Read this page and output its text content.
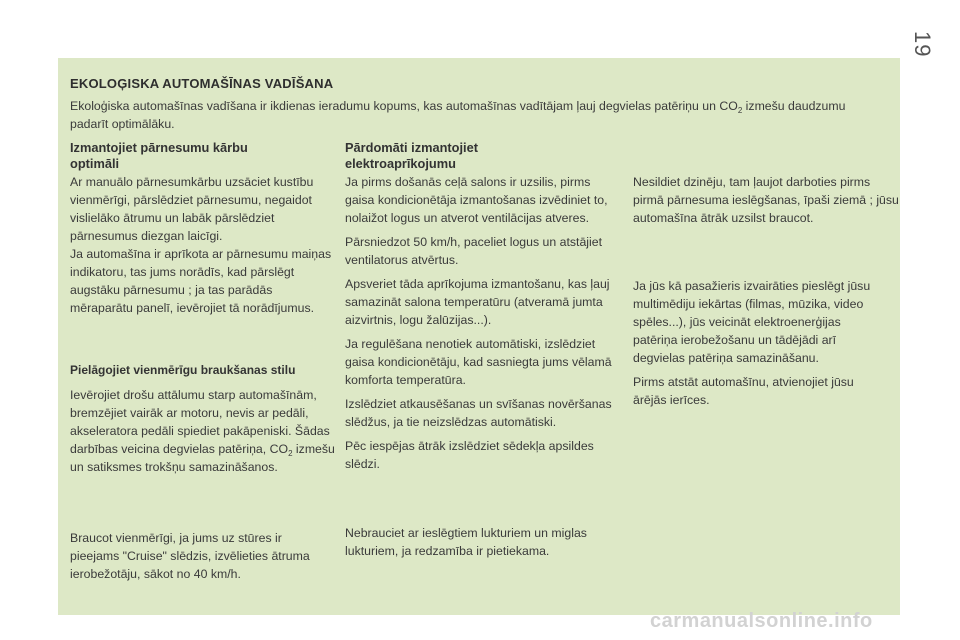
19
EKOLOĢISKA AUTOMAŠĪNAS VADĪŠANA
Ekoloģiska automašīnas vadīšana ir ikdienas ieradumu kopums, kas automašīnas vadītājam ļauj degvielas patēriņu un $CO_2$ izmešu daudzumu padarīt optimālāku.
Izmantojiet pārnesumu kārbu optimāli

Ar manuālo pārnesumkārbu uzsāciet kustību vienmērīgi, pārslēdziet pārnesumu, negaidot vislielāko ātrumu un labāk pārslēdziet pārnesumus diezgan laicīgi.

Ja automašīna ir aprīkota ar pārnesumu maiņas indikatoru, tas jums norādīs, kad pārslēgt augstāku pārnesumu ; ja tas parādās mēraparātu panelī, ievērojiet tā norādījumus.

Pielāgojiet vienmērīgu braukšanas stilu
Ievērojiet drošu attālumu starp automašīnām, bremzējiet vairāk ar motoru, nevis ar pedāli, akseleratora pedāli spiediet pakāpeniski. Šādas darbības veicina degvielas patēriņa, $CO_2$ izmešu un satiksmes trokšņu samazināšanos.
Braucot vienmērīgi, ja jums uz stūres ir pieejams "Cruise" slēdzis, izvēlieties ātruma ierobežotāju, sākot no 40 km/h.
Pārdomāti izmantojiet elektroaprīkojumu

Ja pirms došanās ceļā salons ir uzsilis, pirms gaisa kondicionētāja izmantošanas izvēdiniet to, nolaižot logus un atverot ventilācijas atveres.

Pārsniedzot 50 km/h, paceliet logus un atstājiet ventilatorus atvērtus.

Apsveriet tāda aprīkojuma izmantošanu, kas ļauj samazināt salona temperatūru (atveramā jumta aizvirtnis, logu žalūzijas...).

Ja regulēšana nenotiek automātiski, izslēdziet gaisa kondicionētāju, kad sasniegta jums vēlamā komforta temperatūra.

Izslēdziet atkausēšanas un svīšanas novēršanas slēdžus, ja tie neizslēdzas automātiski.

Pēc iespējas ātrāk izslēdziet sēdekļa apsildes slēdzi.

Nebrauciet ar ieslēgtiem lukturiem un miglas lukturiem, ja redzamība ir pietiekama.
Nesildiet dzinēju, tam ļaujot darboties pirms pirmā pārnesuma ieslēgšanas, īpaši ziemā ; jūsu automašīna ātrāk uzsilst braucot.

Ja jūs kā pasažieris izvairāties pieslēgt jūsu multimēdiju iekārtas (filmas, mūzika, video spēles...), jūs veicināt elektroenerģijas patēriņa ierobežošanu un tādējādi arī degvielas patēriņa samazināšanu.

Pirms atstāt automašīnu, atvienojiet jūsu ārējās ierīces.

carmanualsonline.info
